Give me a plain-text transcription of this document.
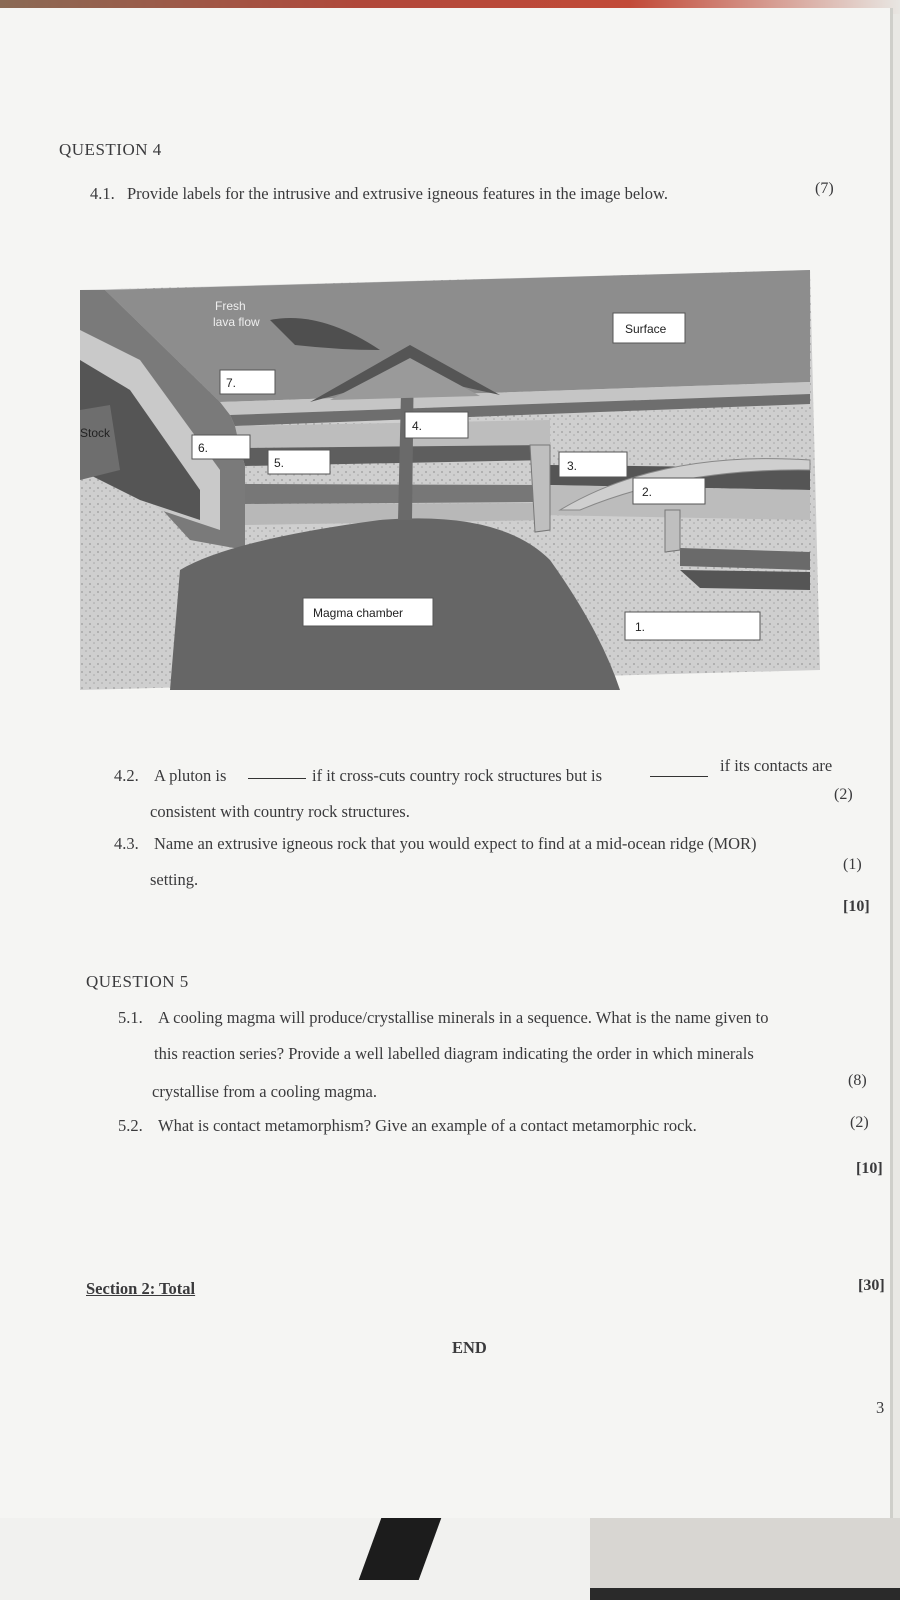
QUESTION 4
4.1. Provide labels for the intrusive and extrusive igneous features in the image below.	(7)
Fresh
lava flow	Surface
7.
Stock	4.
6.
5.	3.
2.
Magma chamber
1.
4.2. A pluton is	if it cross-cuts country rock structures but is
if its contacts are
consistent with country rock structures.
(2)
4.3. Name an extrusive igneous rock that you would expect to find at a mid-ocean ridge (MOR)
setting.
(1)
[10]
QUESTION 5
5.1. A cooling magma will produce/crystallise minerals in a sequence. What is the name given to
this reaction series? Provide a well labelled diagram indicating the order in which minerals
crystallise from a cooling magma.
(8)
5.2. What is contact metamorphism? Give an example of a contact metamorphic rock.	(2)
[10]
Section 2: Total	[30]
END
3
